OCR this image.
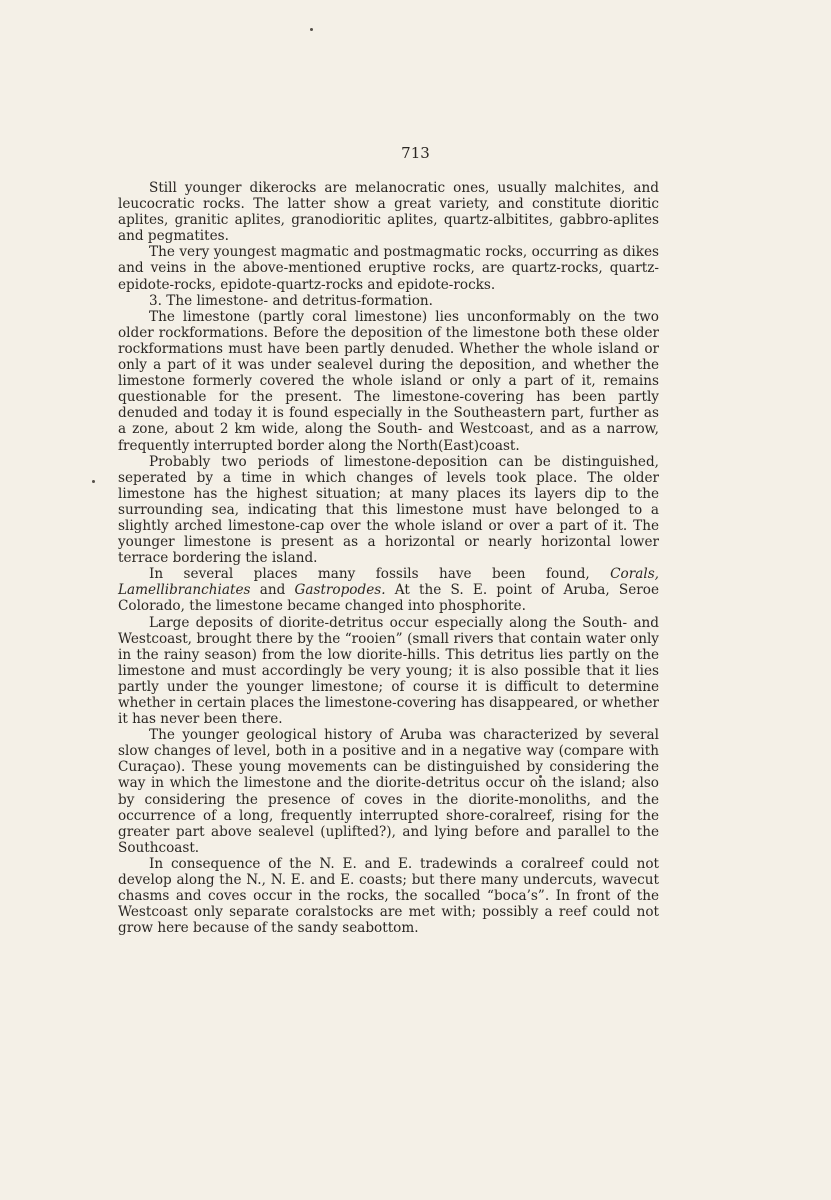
713

Still younger dikerocks are melanocratic ones, usually malchites, and leucocratic rocks. The latter show a great variety, and constitute dioritic aplites, granitic aplites, granodioritic aplites, quartz-albitites, gabbro-aplites and pegmatites.

The very youngest magmatic and postmagmatic rocks, occurring as dikes and veins in the above-mentioned eruptive rocks, are quartz-rocks, quartz-epidote-rocks, epidote-quartz-rocks and epidote-rocks.

3. The limestone- and detritus-formation.

The limestone (partly coral limestone) lies unconformably on the two older rockformations. Before the deposition of the limestone both these older rockformations must have been partly denuded. Whether the whole island or only a part of it was under sealevel during the deposition, and whether the limestone formerly covered the whole island or only a part of it, remains questionable for the present. The limestone-covering has been partly denuded and today it is found especially in the Southeastern part, further as a zone, about 2 km wide, along the South- and Westcoast, and as a narrow, frequently interrupted border along the North(East)coast.

Probably two periods of limestone-deposition can be distinguished, seperated by a time in which changes of levels took place. The older limestone has the highest situation; at many places its layers dip to the surrounding sea, indicating that this limestone must have belonged to a slightly arched limestone-cap over the whole island or over a part of it. The younger limestone is present as a horizontal or nearly horizontal lower terrace bordering the island.

In several places many fossils have been found, Corals, Lamellibranchiates and Gastropodes. At the S. E. point of Aruba, Seroe Colorado, the limestone became changed into phosphorite.

Large deposits of diorite-detritus occur especially along the South- and Westcoast, brought there by the “rooien” (small rivers that contain water only in the rainy season) from the low diorite-hills. This detritus lies partly on the limestone and must accordingly be very young; it is also possible that it lies partly under the younger limestone; of course it is difficult to determine whether in certain places the limestone-covering has disappeared, or whether it has never been there.

The younger geological history of Aruba was characterized by several slow changes of level, both in a positive and in a negative way (compare with Curaçao). These young movements can be distinguished by considering the way in which the limestone and the diorite-detritus occur on the island; also by considering the presence of coves in the diorite-monoliths, and the occurrence of a long, frequently interrupted shore-coralreef, rising for the greater part above sealevel (uplifted?), and lying before and parallel to the Southcoast.

In consequence of the N. E. and E. tradewinds a coralreef could not develop along the N., N. E. and E. coasts; but there many undercuts, wavecut chasms and coves occur in the rocks, the socalled “boca’s”. In front of the Westcoast only separate coralstocks are met with; possibly a reef could not grow here because of the sandy seabottom.
